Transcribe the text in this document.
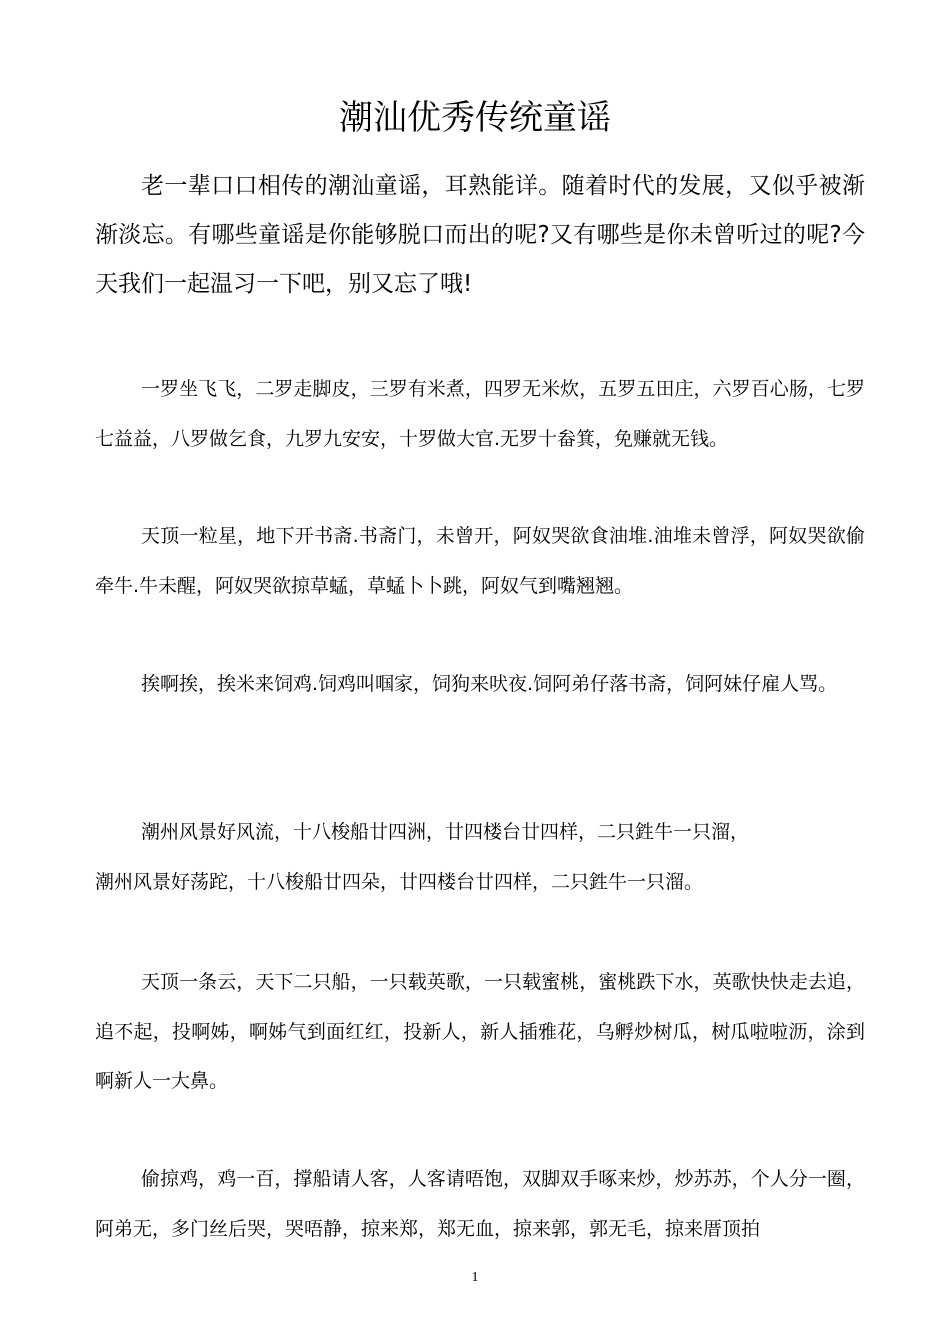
潮汕优秀传统童谣

老一辈口口相传的潮汕童谣，耳熟能详。随着时代的发展，又似乎被渐渐淡忘。有哪些童谣是你能够脱口而出的呢?又有哪些是你未曾听过的呢?今天我们一起温习一下吧，别又忘了哦!

一罗坐飞飞，二罗走脚皮，三罗有米煮，四罗无米炊，五罗五田庄，六罗百心肠，七罗七益益，八罗做乞食，九罗九安安，十罗做大官.无罗十畚箕，免赚就无钱。

天顶一粒星，地下开书斋.书斋门，未曾开，阿奴哭欲食油堆.油堆未曾浮，阿奴哭欲偷牵牛.牛未醒，阿奴哭欲掠草蜢，草蜢卜卜跳，阿奴气到嘴翘翘。

挨啊挨，挨米来饲鸡.饲鸡叫啯家，饲狗来吠夜.饲阿弟仔落书斋，饲阿妹仔雇人骂。

潮州风景好风流，十八梭船廿四洲，廿四楼台廿四样，二只鉎牛一只溜，
潮州风景好荡跎，十八梭船廿四朵，廿四楼台廿四样，二只鉎牛一只溜。

天顶一条云，天下二只船，一只载英歌，一只载蜜桃，蜜桃跌下水，英歌快快走去追，追不起，投啊姊，啊姊气到面红红，投新人，新人插雅花，乌孵炒树瓜，树瓜啦啦沥，涂到啊新人一大鼻。

偷掠鸡，鸡一百，撑船请人客，人客请唔饱，双脚双手啄来炒，炒苏苏，个人分一圈，阿弟无，多门丝后哭，哭唔静，掠来郑，郑无血，掠来郭，郭无毛，掠来厝顶拍

1
